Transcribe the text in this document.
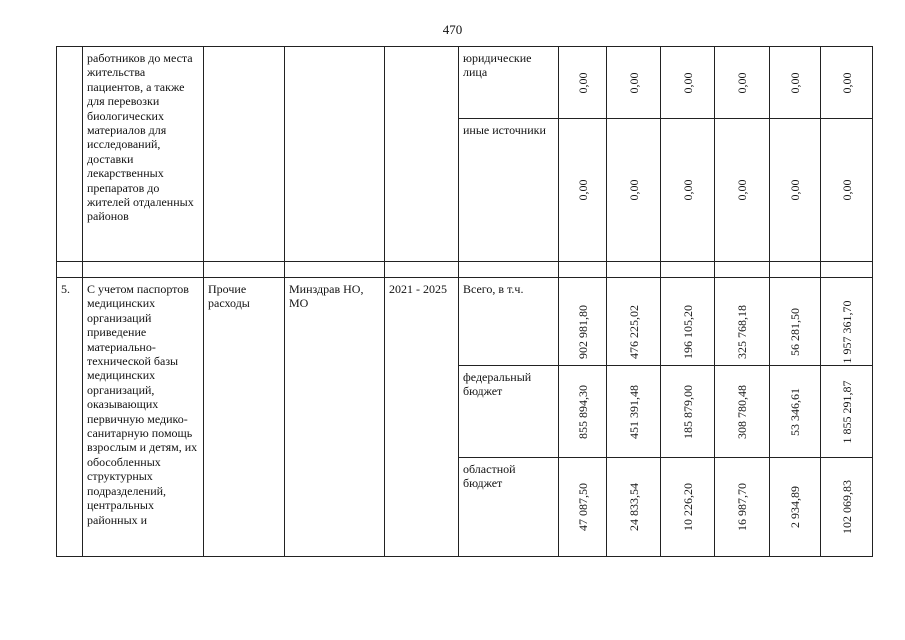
470

	работников до места жительства пациентов, а также для перевозки биологических материалов для исследований, доставки лекарственных препаратов до жителей отдаленных районов				юридические лица	0,00	0,00	0,00	0,00	0,00	0,00

					иные источники	0,00	0,00	0,00	0,00	0,00	0,00

5.	С учетом паспортов медицинских организаций приведение материально-технической базы медицинских организаций, оказывающих первичную медико-санитарную помощь взрослым и детям, их обособленных структурных подразделений, центральных районных и	Прочие расходы	Минздрав НО, МО	2021 - 2025	Всего, в т.ч.	902 981,80	476 225,02	196 105,20	325 768,18	56 281,50	1 957 361,70

					федеральный бюджет	855 894,30	451 391,48	185 879,00	308 780,48	53 346,61	1 855 291,87

					областной бюджет	47 087,50	24 833,54	10 226,20	16 987,70	2 934,89	102 069,83
